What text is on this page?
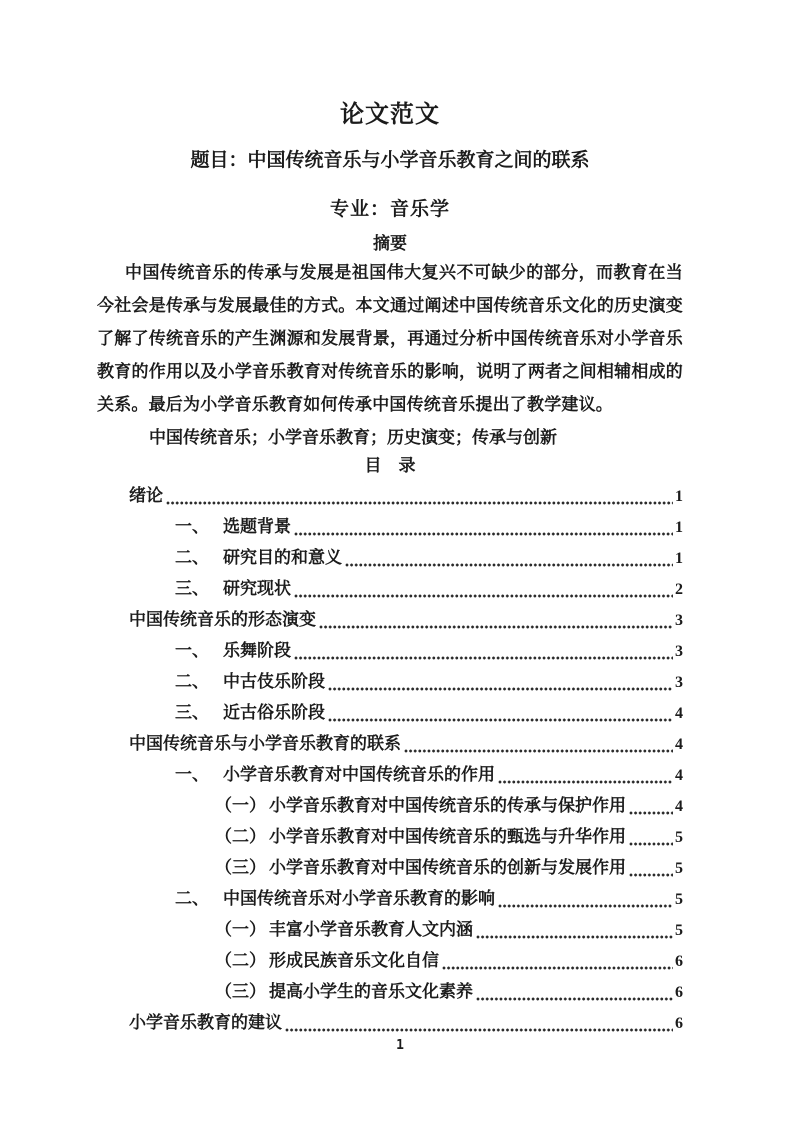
论文范文
题目：中国传统音乐与小学音乐教育之间的联系
专业：音乐学
摘要
中国传统音乐的传承与发展是祖国伟大复兴不可缺少的部分，而教育在当今社会是传承与发展最佳的方式。本文通过阐述中国传统音乐文化的历史演变了解了传统音乐的产生渊源和发展背景，再通过分析中国传统音乐对小学音乐教育的作用以及小学音乐教育对传统音乐的影响，说明了两者之间相辅相成的关系。最后为小学音乐教育如何传承中国传统音乐提出了教学建议。
中国传统音乐；小学音乐教育；历史演变；传承与创新
目　录
绪论	1
一、 选题背景	1
二、 研究目的和意义	1
三、 研究现状	2
中国传统音乐的形态演变	3
一、 乐舞阶段	3
二、 中古伎乐阶段	3
三、 近古俗乐阶段	4
中国传统音乐与小学音乐教育的联系	4
一、 小学音乐教育对中国传统音乐的作用	4
（一） 小学音乐教育对中国传统音乐的传承与保护作用	4
（二） 小学音乐教育对中国传统音乐的甄选与升华作用	5
（三） 小学音乐教育对中国传统音乐的创新与发展作用	5
二、 中国传统音乐对小学音乐教育的影响	5
（一） 丰富小学音乐教育人文内涵	5
（二） 形成民族音乐文化自信	6
（三） 提高小学生的音乐文化素养	6
小学音乐教育的建议	6
1
